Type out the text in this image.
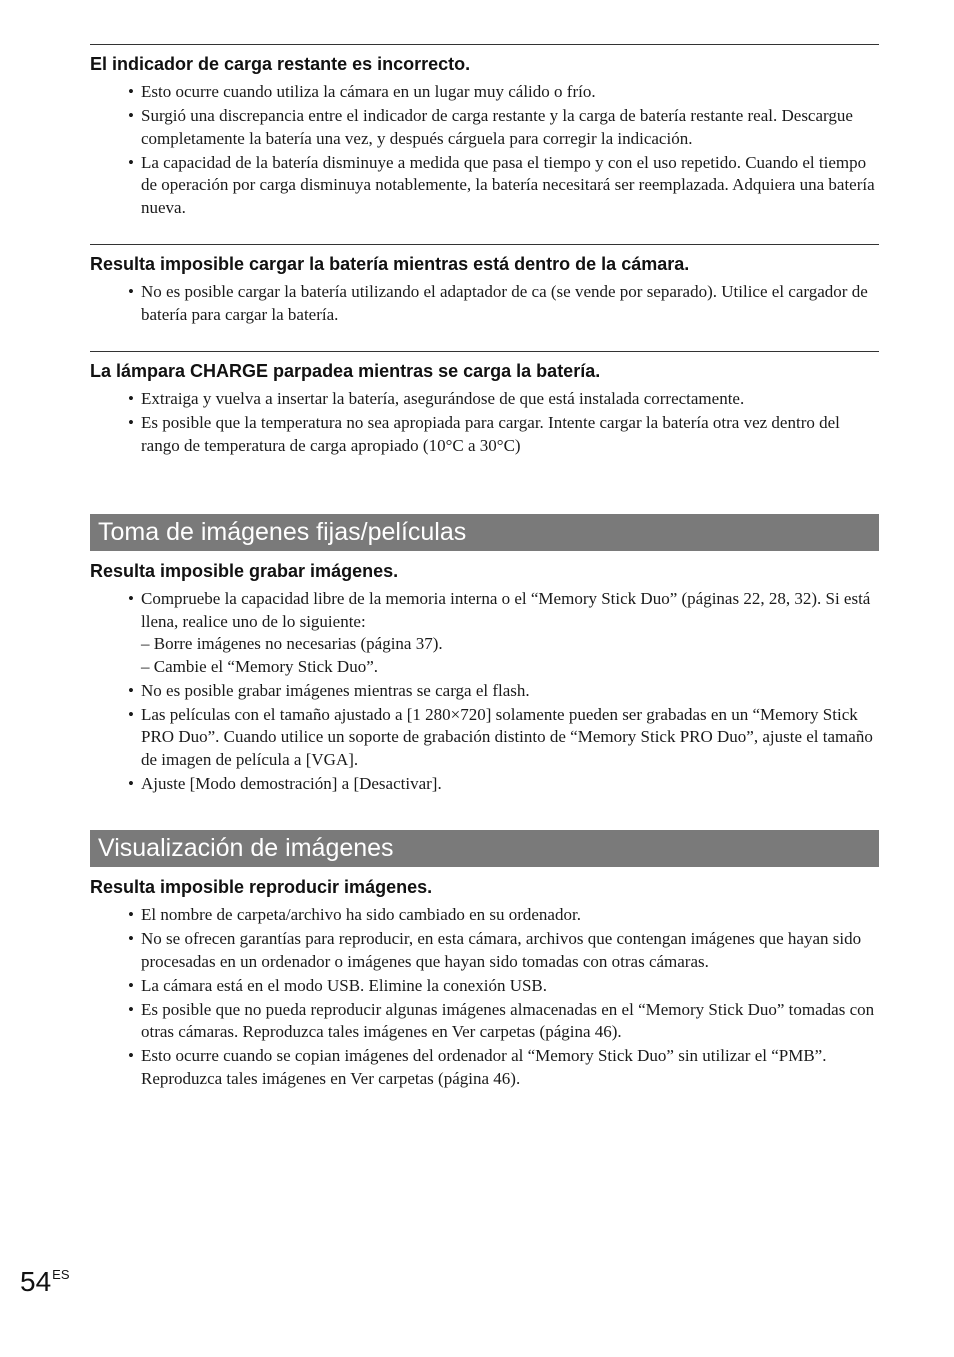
El indicador de carga restante es incorrecto.
• Esto ocurre cuando utiliza la cámara en un lugar muy cálido o frío.
• Surgió una discrepancia entre el indicador de carga restante y la carga de batería restante real. Descargue completamente la batería una vez, y después cárguela para corregir la indicación.
• La capacidad de la batería disminuye a medida que pasa el tiempo y con el uso repetido. Cuando el tiempo de operación por carga disminuya notablemente, la batería necesitará ser reemplazada. Adquiera una batería nueva.
Resulta imposible cargar la batería mientras está dentro de la cámara.
• No es posible cargar la batería utilizando el adaptador de ca (se vende por separado). Utilice el cargador de batería para cargar la batería.
La lámpara CHARGE parpadea mientras se carga la batería.
• Extraiga y vuelva a insertar la batería, asegurándose de que está instalada correctamente.
• Es posible que la temperatura no sea apropiada para cargar. Intente cargar la batería otra vez dentro del rango de temperatura de carga apropiado (10°C a 30°C)
Toma de imágenes fijas/películas
Resulta imposible grabar imágenes.
• Compruebe la capacidad libre de la memoria interna o el “Memory Stick Duo” (páginas 22, 28, 32). Si está llena, realice uno de lo siguiente:
– Borre imágenes no necesarias (página 37).
– Cambie el “Memory Stick Duo”.
• No es posible grabar imágenes mientras se carga el flash.
• Las películas con el tamaño ajustado a [1 280×720] solamente pueden ser grabadas en un “Memory Stick PRO Duo”. Cuando utilice un soporte de grabación distinto de “Memory Stick PRO Duo”, ajuste el tamaño de imagen de película a [VGA].
• Ajuste [Modo demostración] a [Desactivar].
Visualización de imágenes
Resulta imposible reproducir imágenes.
• El nombre de carpeta/archivo ha sido cambiado en su ordenador.
• No se ofrecen garantías para reproducir, en esta cámara, archivos que contengan imágenes que hayan sido procesadas en un ordenador o imágenes que hayan sido tomadas con otras cámaras.
• La cámara está en el modo USB. Elimine la conexión USB.
• Es posible que no pueda reproducir algunas imágenes almacenadas en el “Memory Stick Duo” tomadas con otras cámaras. Reproduzca tales imágenes en Ver carpetas (página 46).
• Esto ocurre cuando se copian imágenes del ordenador al “Memory Stick Duo” sin utilizar el “PMB”. Reproduzca tales imágenes en Ver carpetas (página 46).
$54^{ES}$
